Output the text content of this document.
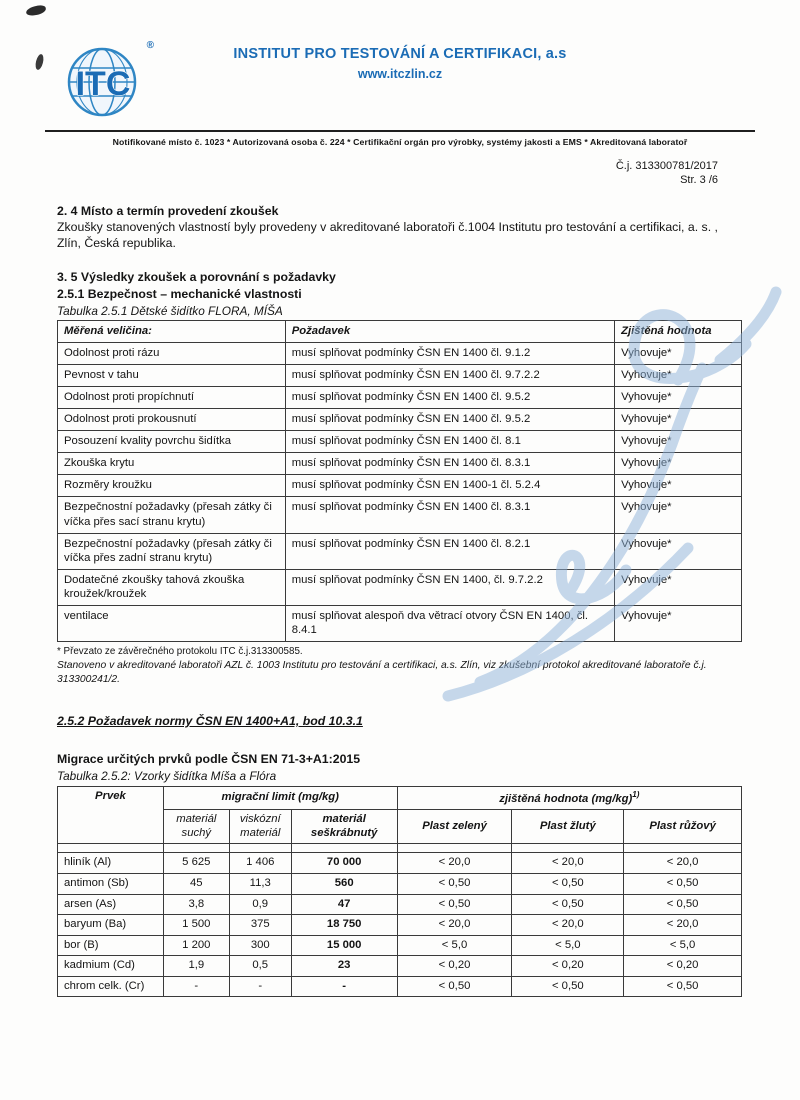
ITC
®
INSTITUT PRO TESTOVÁNÍ A CERTIFIKACI, a.s
www.itczlin.cz
Notifikované místo č. 1023 * Autorizovaná osoba č. 224 * Certifikační orgán pro výrobky, systémy jakosti a EMS * Akreditovaná laboratoř
Č.j. 313300781/2017
Str. 3 /6
2. 4 Místo a termín provedení zkoušek
Zkoušky stanovených vlastností byly provedeny v akreditované laboratoři č.1004 Institutu pro testování a certifikaci, a. s. , Zlín, Česká republika.
3. 5 Výsledky zkoušek a porovnání s požadavky
2.5.1 Bezpečnost – mechanické vlastnosti
Tabulka 2.5.1 Dětské šidítko FLORA, MÍŠA
Měřená veličina:	Požadavek	Zjištěná hodnota
Odolnost proti rázu	musí splňovat podmínky ČSN EN 1400 čl. 9.1.2	Vyhovuje*
Pevnost v tahu	musí splňovat podmínky ČSN EN 1400 čl. 9.7.2.2	Vyhovuje*
Odolnost proti propíchnutí	musí splňovat podmínky ČSN EN 1400 čl. 9.5.2	Vyhovuje*
Odolnost proti prokousnutí	musí splňovat podmínky ČSN EN 1400 čl. 9.5.2	Vyhovuje*
Posouzení kvality povrchu šidítka	musí splňovat podmínky ČSN EN 1400 čl. 8.1	Vyhovuje*
Zkouška krytu	musí splňovat podmínky ČSN EN 1400 čl. 8.3.1	Vyhovuje*
Rozměry kroužku	musí splňovat podmínky ČSN EN 1400-1 čl. 5.2.4	Vyhovuje*
Bezpečnostní požadavky (přesah zátky či víčka přes sací stranu krytu)	musí splňovat podmínky ČSN EN 1400 čl. 8.3.1	Vyhovuje*
Bezpečnostní požadavky (přesah zátky či víčka přes zadní stranu krytu)	musí splňovat podmínky ČSN EN 1400 čl. 8.2.1	Vyhovuje*
Dodatečné zkoušky tahová zkouška kroužek/kroužek	musí splňovat podmínky ČSN EN 1400, čl. 9.7.2.2	Vyhovuje*
ventilace	musí splňovat alespoň dva větrací otvory ČSN EN 1400, čl. 8.4.1	Vyhovuje*
* Převzato ze závěrečného protokolu ITC č.j.313300585.
Stanoveno v akreditované laboratoři AZL č. 1003 Institutu pro testování a certifikaci, a.s. Zlín, viz zkušební protokol akreditované laboratoře č.j. 313300241/2.
2.5.2 Požadavek normy ČSN EN 1400+A1, bod 10.3.1
Migrace určitých prvků podle ČSN EN 71-3+A1:2015
Tabulka 2.5.2: Vzorky šidítka Míša a Flóra
Prvek	migrační limit (mg/kg)			zjištěná hodnota $(mg/kg)^{1)}$
	materiál suchý	viskózní materiál	materiál seškrábnutý	Plast zelený	Plast žlutý	Plast růžový

hliník (Al)	5 625	1 406	70 000	< 20,0	< 20,0	< 20,0
antimon (Sb)	45	11,3	560	< 0,50	< 0,50	< 0,50
arsen (As)	3,8	0,9	47	< 0,50	< 0,50	< 0,50
baryum (Ba)	1 500	375	18 750	< 20,0	< 20,0	< 20,0
bor (B)	1 200	300	15 000	< 5,0	< 5,0	< 5,0
kadmium (Cd)	1,9	0,5	23	< 0,20	< 0,20	< 0,20
chrom celk. (Cr)	-	-	-	< 0,50	< 0,50	< 0,50
